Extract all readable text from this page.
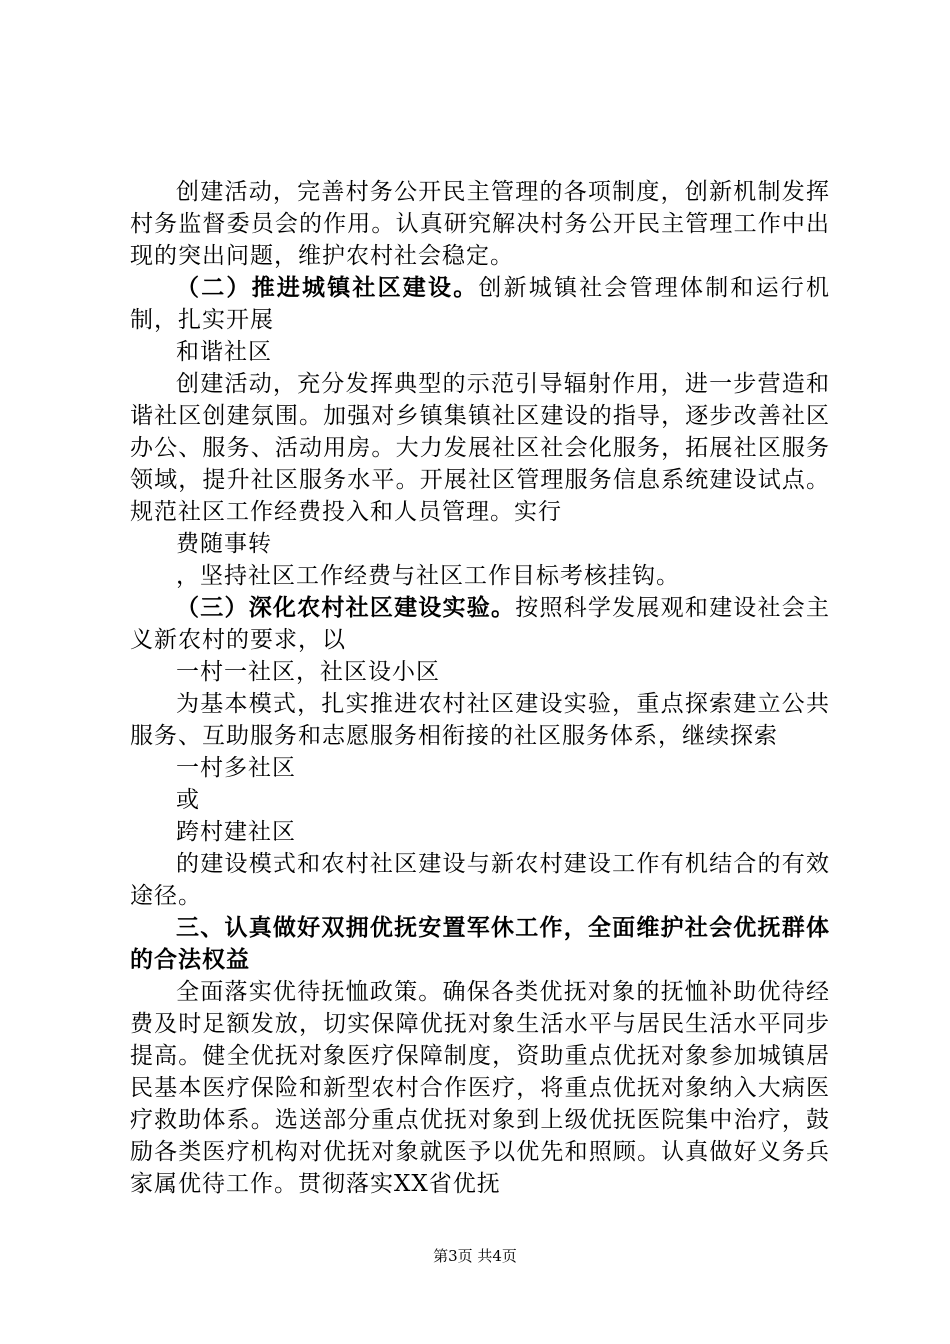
创建活动，完善村务公开民主管理的各项制度，创新机制发挥村务监督委员会的作用。认真研究解决村务公开民主管理工作中出现的突出问题，维护农村社会稳定。

（二）推进城镇社区建设。创新城镇社会管理体制和运行机制，扎实开展

和谐社区

创建活动，充分发挥典型的示范引导辐射作用，进一步营造和谐社区创建氛围。加强对乡镇集镇社区建设的指导，逐步改善社区办公、服务、活动用房。大力发展社区社会化服务，拓展社区服务领域，提升社区服务水平。开展社区管理服务信息系统建设试点。规范社区工作经费投入和人员管理。实行

费随事转

，坚持社区工作经费与社区工作目标考核挂钩。

（三）深化农村社区建设实验。按照科学发展观和建设社会主义新农村的要求，以

一村一社区，社区设小区

为基本模式，扎实推进农村社区建设实验，重点探索建立公共服务、互助服务和志愿服务相衔接的社区服务体系，继续探索

一村多社区

或

跨村建社区

的建设模式和农村社区建设与新农村建设工作有机结合的有效途径。

三、认真做好双拥优抚安置军休工作，全面维护社会优抚群体的合法权益

全面落实优待抚恤政策。确保各类优抚对象的抚恤补助优待经费及时足额发放，切实保障优抚对象生活水平与居民生活水平同步提高。健全优抚对象医疗保障制度，资助重点优抚对象参加城镇居民基本医疗保险和新型农村合作医疗，将重点优抚对象纳入大病医疗救助体系。选送部分重点优抚对象到上级优抚医院集中治疗，鼓励各类医疗机构对优抚对象就医予以优先和照顾。认真做好义务兵家属优待工作。贯彻落实XX省优抚

第3页 共4页
